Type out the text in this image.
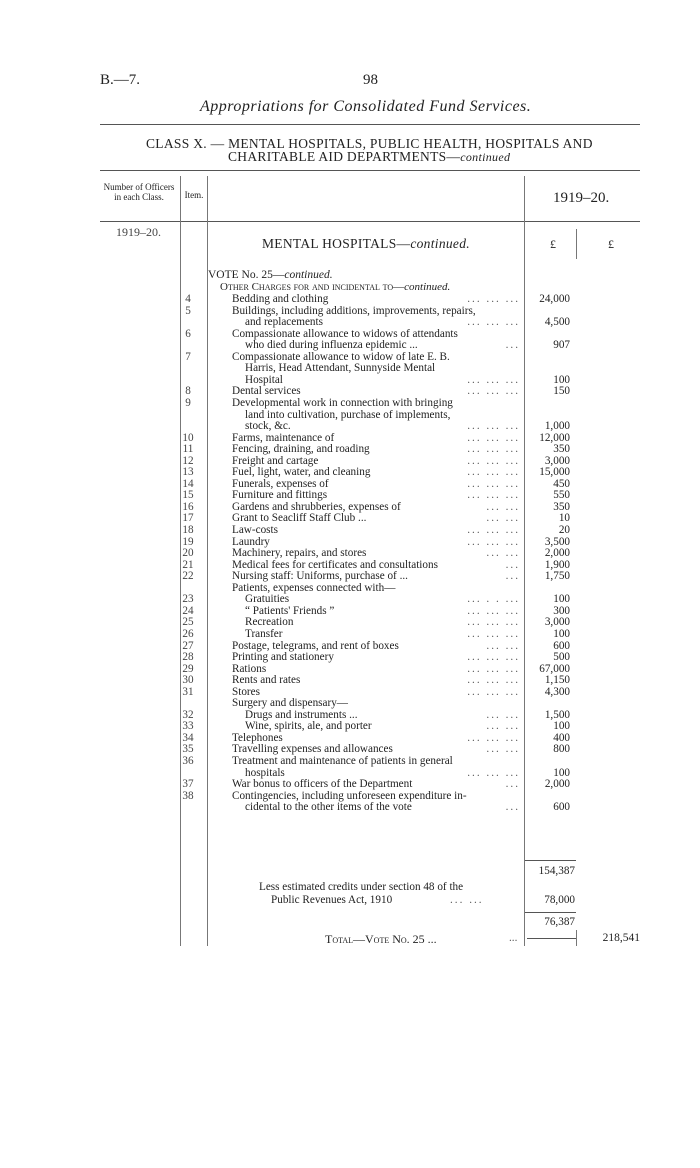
B.—7.	98
Appropriations for Consolidated Fund Services.
CLASS X. — MENTAL HOSPITALS, PUBLIC HEALTH, HOSPITALS AND
CHARITABLE AID DEPARTMENTS—continued
Number of Officers in each Class.	Item.	1919–20.
1919–20.
MENTAL HOSPITALS—continued.	£	£
VOTE No. 25—continued.
Other Charges for and incidental to—continued.
4	Bedding and clothing	... ... ...	24,000
5	Buildings, including additions, improvements, repairs,
and replacements	... ... ...	4,500
6	Compassionate allowance to widows of attendants
who died during influenza epidemic ...	...	907
7	Compassionate allowance to widow of late E. B.
Harris, Head Attendant, Sunnyside Mental
Hospital	... ... ...	100
8	Dental services	... ... ...	150
9	Developmental work in connection with bringing
land into cultivation, purchase of implements,
stock, &c.	... ... ...	1,000
10	Farms, maintenance of	... ... ...	12,000
11	Fencing, draining, and roading	... ... ...	350
12	Freight and cartage	... ... ...	3,000
13	Fuel, light, water, and cleaning	... ... ...	15,000
14	Funerals, expenses of	... ... ...	450
15	Furniture and fittings	... ... ...	550
16	Gardens and shrubberies, expenses of	... ...	350
17	Grant to Seacliff Staff Club ...	... ...	10
18	Law-costs	... ... ...	20
19	Laundry	... ... ...	3,500
20	Machinery, repairs, and stores	... ...	2,000
21	Medical fees for certificates and consultations	...	1,900
22	Nursing staff: Uniforms, purchase of ...	...	1,750
Patients, expenses connected with—
23	Gratuities	... . . ...	100
24	“ Patients' Friends ”	... ... ...	300
25	Recreation	... ... ...	3,000
26	Transfer	... ... ...	100
27	Postage, telegrams, and rent of boxes	... ...	600
28	Printing and stationery	... ... ...	500
29	Rations	... ... ...	67,000
30	Rents and rates	... ... ...	1,150
31	Stores	... ... ...	4,300
Surgery and dispensary—
32	Drugs and instruments ...	... ...	1,500
33	Wine, spirits, ale, and porter	... ...	100
34	Telephones	... ... ...	400
35	Travelling expenses and allowances	... ...	800
36	Treatment and maintenance of patients in general
hospitals	... ... ...	100
37	War bonus to officers of the Department	...	2,000
38	Contingencies, including unforeseen expenditure in-
cidental to the other items of the vote	...	600
154,387
Less estimated credits under section 48 of the
Public Revenues Act, 1910	... ...	78,000
76,387
Total—Vote No. 25 ...	...	218,541
